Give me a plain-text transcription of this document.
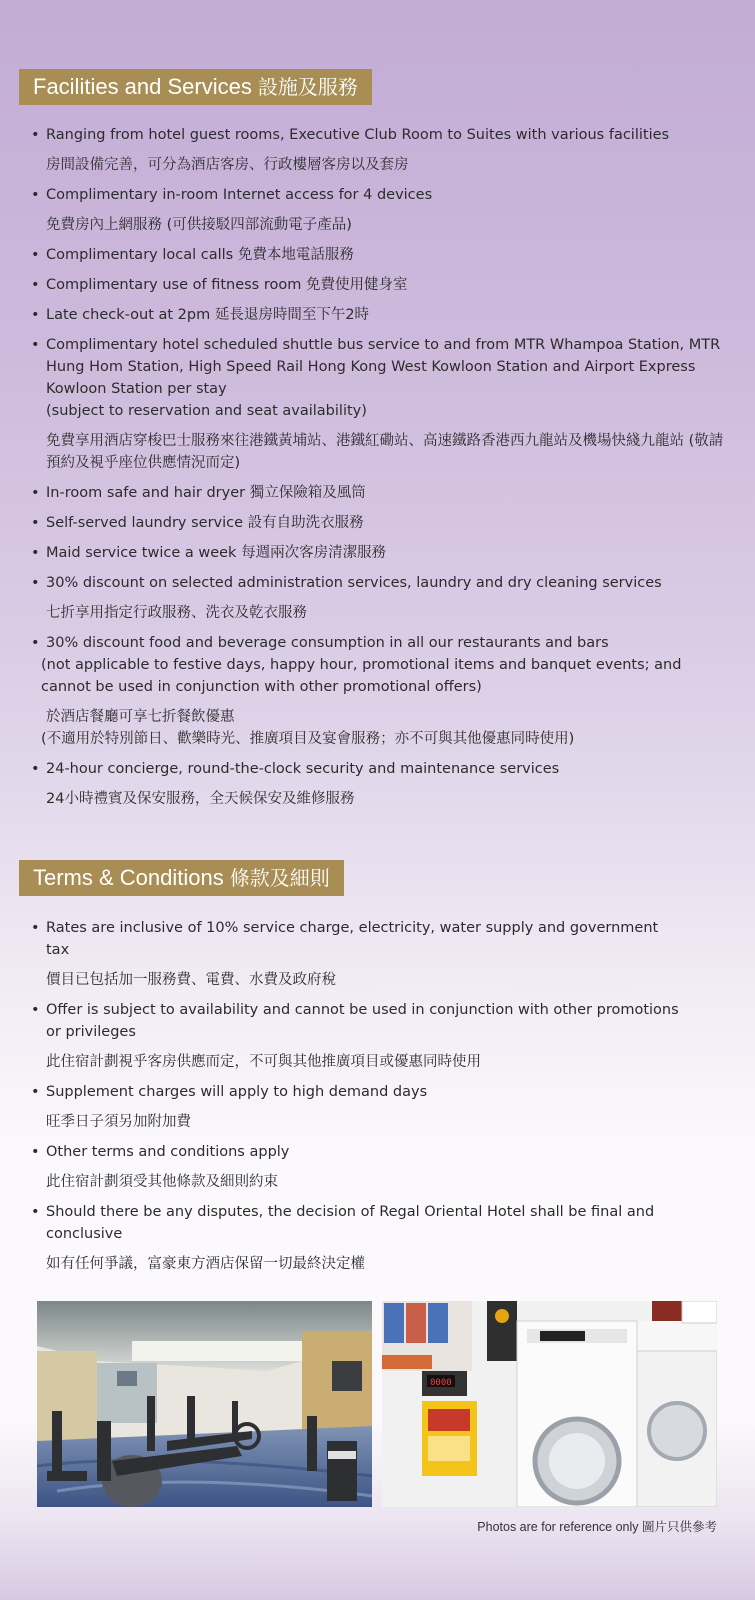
Facilities and Services 設施及服務
• Ranging from hotel guest rooms, Executive Club Room to Suites with various facilities
房間設備完善，可分為酒店客房、行政樓層客房以及套房
• Complimentary in-room Internet access for 4 devices
免費房內上網服務 (可供接駁四部流動電子產品)
• Complimentary local calls 免費本地電話服務
• Complimentary use of fitness room 免費使用健身室
• Late check-out at 2pm 延長退房時間至下午2時
• Complimentary hotel scheduled shuttle bus service to and from MTR Whampoa Station, MTR Hung Hom Station, High Speed Rail Hong Kong West Kowloon Station and Airport Express Kowloon Station per stay
(subject to reservation and seat availability)
免費享用酒店穿梭巴士服務來往港鐵黃埔站、港鐵紅磡站、高速鐵路香港西九龍站及機場快綫九龍站 (敬請預約及視乎座位供應情況而定)
• In-room safe and hair dryer 獨立保險箱及風筒
• Self-served laundry service 設有自助洗衣服務
• Maid service twice a week 每週兩次客房清潔服務
• 30% discount on selected administration services, laundry and dry cleaning services
七折享用指定行政服務、洗衣及乾衣服務
• 30% discount food and beverage consumption in all our restaurants and bars
(not applicable to festive days, happy hour, promotional items and banquet events; and cannot be used in conjunction with other promotional offers)
於酒店餐廳可享七折餐飲優惠
(不適用於特別節日、歡樂時光、推廣項目及宴會服務；亦不可與其他優惠同時使用)
• 24-hour concierge, round-the-clock security and maintenance services
24小時禮賓及保安服務，全天候保安及維修服務
Terms & Conditions 條款及細則
• Rates are inclusive of 10% service charge, electricity, water supply and government tax
價目已包括加一服務費、電費、水費及政府稅
• Offer is subject to availability and cannot be used in conjunction with other promotions or privileges
此住宿計劃視乎客房供應而定，不可與其他推廣項目或優惠同時使用
• Supplement charges will apply to high demand days
旺季日子須另加附加費
• Other terms and conditions apply
此住宿計劃須受其他條款及細則約束
• Should there be any disputes, the decision of Regal Oriental Hotel shall be final and conclusive
如有任何爭議，富豪東方酒店保留一切最終決定權
0000
Photos are for reference only 圖片只供參考
